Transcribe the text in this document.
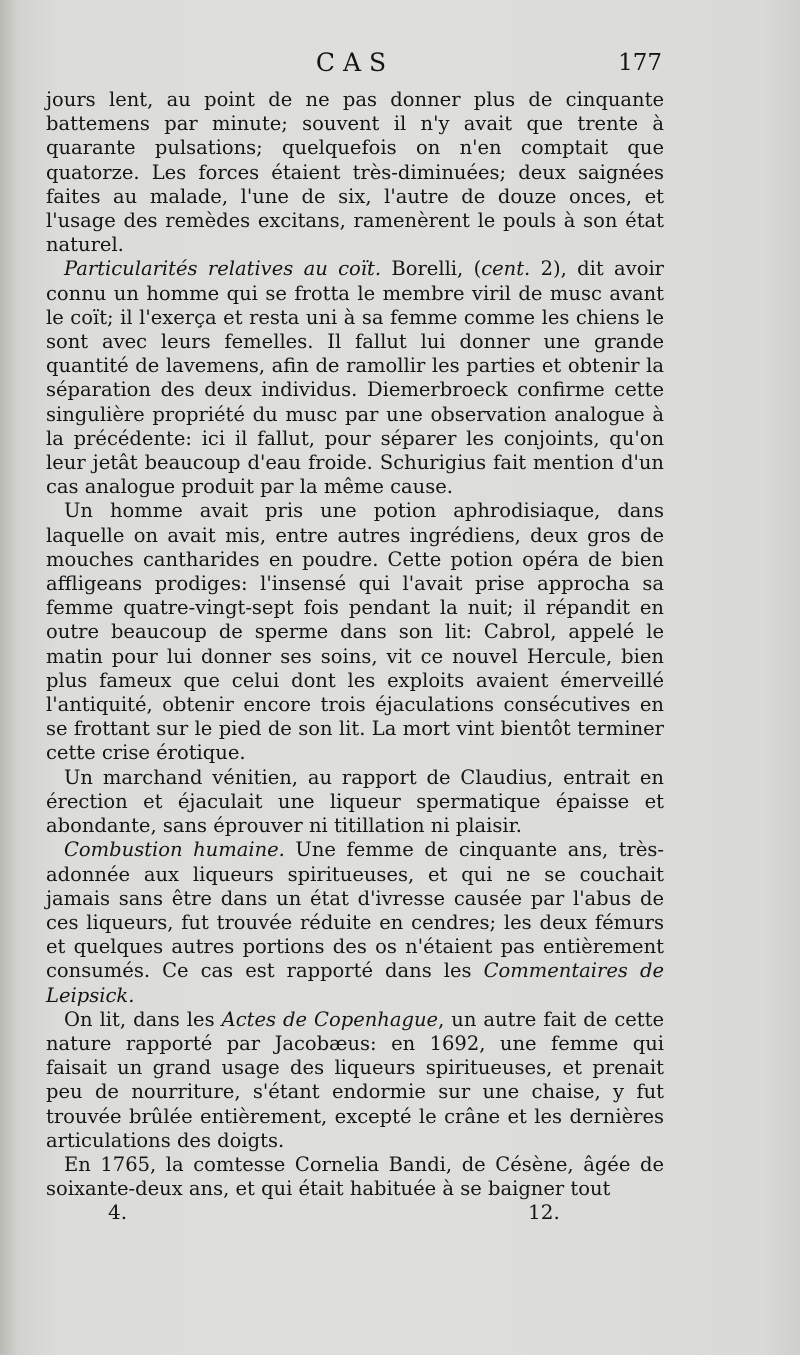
CAS	177

jours lent, au point de ne pas donner plus de cinquante battemens par minute; souvent il n'y avait que trente à quarante pulsations; quelquefois on n'en comptait que quatorze. Les forces étaient très-diminuées; deux saignées faites au malade, l'une de six, l'autre de douze onces, et l'usage des remèdes excitans, ramenèrent le pouls à son état naturel.

Particularités relatives au coït. Borelli, (cent. 2), dit avoir connu un homme qui se frotta le membre viril de musc avant le coït; il l'exerça et resta uni à sa femme comme les chiens le sont avec leurs femelles. Il fallut lui donner une grande quantité de lavemens, afin de ramollir les parties et obtenir la séparation des deux individus. Diemerbroeck confirme cette singulière propriété du musc par une observation analogue à la précédente: ici il fallut, pour séparer les conjoints, qu'on leur jetât beaucoup d'eau froide. Schurigius fait mention d'un cas analogue produit par la même cause.

Un homme avait pris une potion aphrodisiaque, dans laquelle on avait mis, entre autres ingrédiens, deux gros de mouches cantharides en poudre. Cette potion opéra de bien affligeans prodiges: l'insensé qui l'avait prise approcha sa femme quatre-vingt-sept fois pendant la nuit; il répandit en outre beaucoup de sperme dans son lit: Cabrol, appelé le matin pour lui donner ses soins, vit ce nouvel Hercule, bien plus fameux que celui dont les exploits avaient émerveillé l'antiquité, obtenir encore trois éjaculations consécutives en se frottant sur le pied de son lit. La mort vint bientôt terminer cette crise érotique.

Un marchand vénitien, au rapport de Claudius, entrait en érection et éjaculait une liqueur spermatique épaisse et abondante, sans éprouver ni titillation ni plaisir.

Combustion humaine. Une femme de cinquante ans, très-adonnée aux liqueurs spiritueuses, et qui ne se couchait jamais sans être dans un état d'ivresse causée par l'abus de ces liqueurs, fut trouvée réduite en cendres; les deux fémurs et quelques autres portions des os n'étaient pas entièrement consumés. Ce cas est rapporté dans les Commentaires de Leipsick.

On lit, dans les Actes de Copenhague, un autre fait de cette nature rapporté par Jacobæus: en 1692, une femme qui faisait un grand usage des liqueurs spiritueuses, et prenait peu de nourriture, s'étant endormie sur une chaise, y fut trouvée brûlée entièrement, excepté le crâne et les dernières articulations des doigts.

En 1765, la comtesse Cornelia Bandi, de Césène, âgée de soixante-deux ans, et qui était habituée à se baigner tout

4.	12.
